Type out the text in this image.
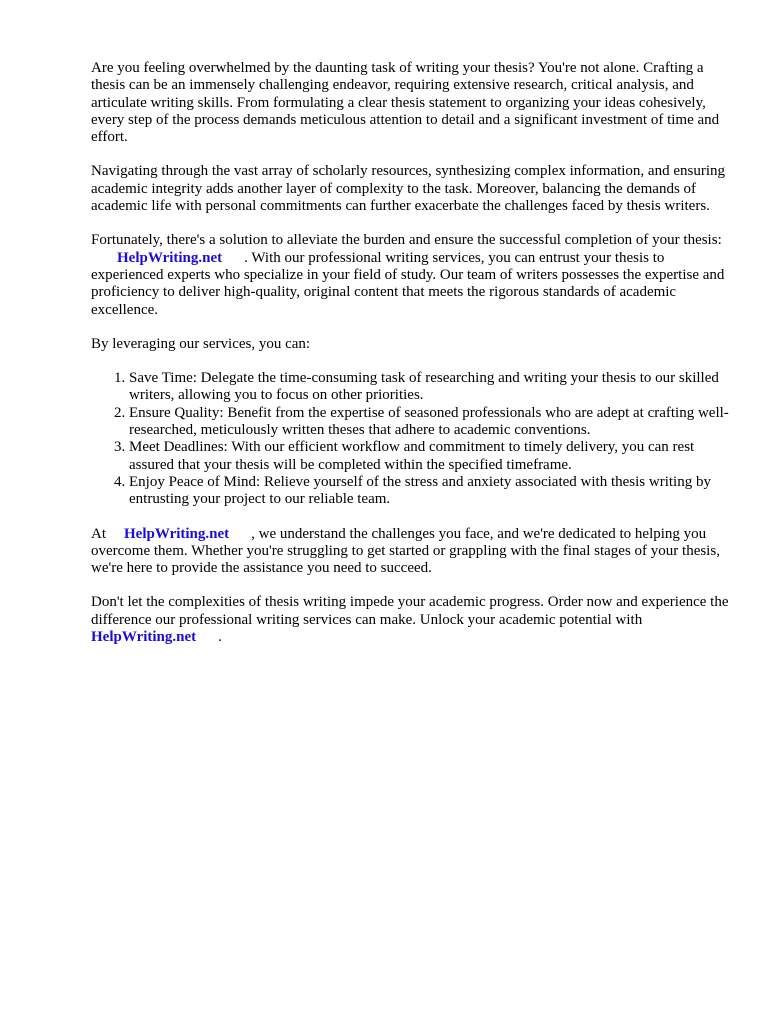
Are you feeling overwhelmed by the daunting task of writing your thesis? You're not alone. Crafting a thesis can be an immensely challenging endeavor, requiring extensive research, critical analysis, and articulate writing skills. From formulating a clear thesis statement to organizing your ideas cohesively, every step of the process demands meticulous attention to detail and a significant investment of time and effort.

Navigating through the vast array of scholarly resources, synthesizing complex information, and ensuring academic integrity adds another layer of complexity to the task. Moreover, balancing the demands of academic life with personal commitments can further exacerbate the challenges faced by thesis writers.

Fortunately, there's a solution to alleviate the burden and ensure the successful completion of your thesis:HelpWriting.net . With our professional writing services, you can entrust your thesis to experienced experts who specialize in your field of study. Our team of writers possesses the expertise and proficiency to deliver high-quality, original content that meets the rigorous standards of academic excellence.

By leveraging our services, you can:

1. Save Time: Delegate the time-consuming task of researching and writing your thesis to our skilled writers, allowing you to focus on other priorities.
2. Ensure Quality: Benefit from the expertise of seasoned professionals who are adept at crafting well-researched, meticulously written theses that adhere to academic conventions.
3. Meet Deadlines: With our efficient workflow and commitment to timely delivery, you can rest assured that your thesis will be completed within the specified timeframe.
4. Enjoy Peace of Mind: Relieve yourself of the stress and anxiety associated with thesis writing by entrusting your project to our reliable team.

At HelpWriting.net , we understand the challenges you face, and we're dedicated to helping you overcome them. Whether you're struggling to get started or grappling with the final stages of your thesis, we're here to provide the assistance you need to succeed.

Don't let the complexities of thesis writing impede your academic progress. Order now and experience the difference our professional writing services can make. Unlock your academic potential withHelpWriting.net .
